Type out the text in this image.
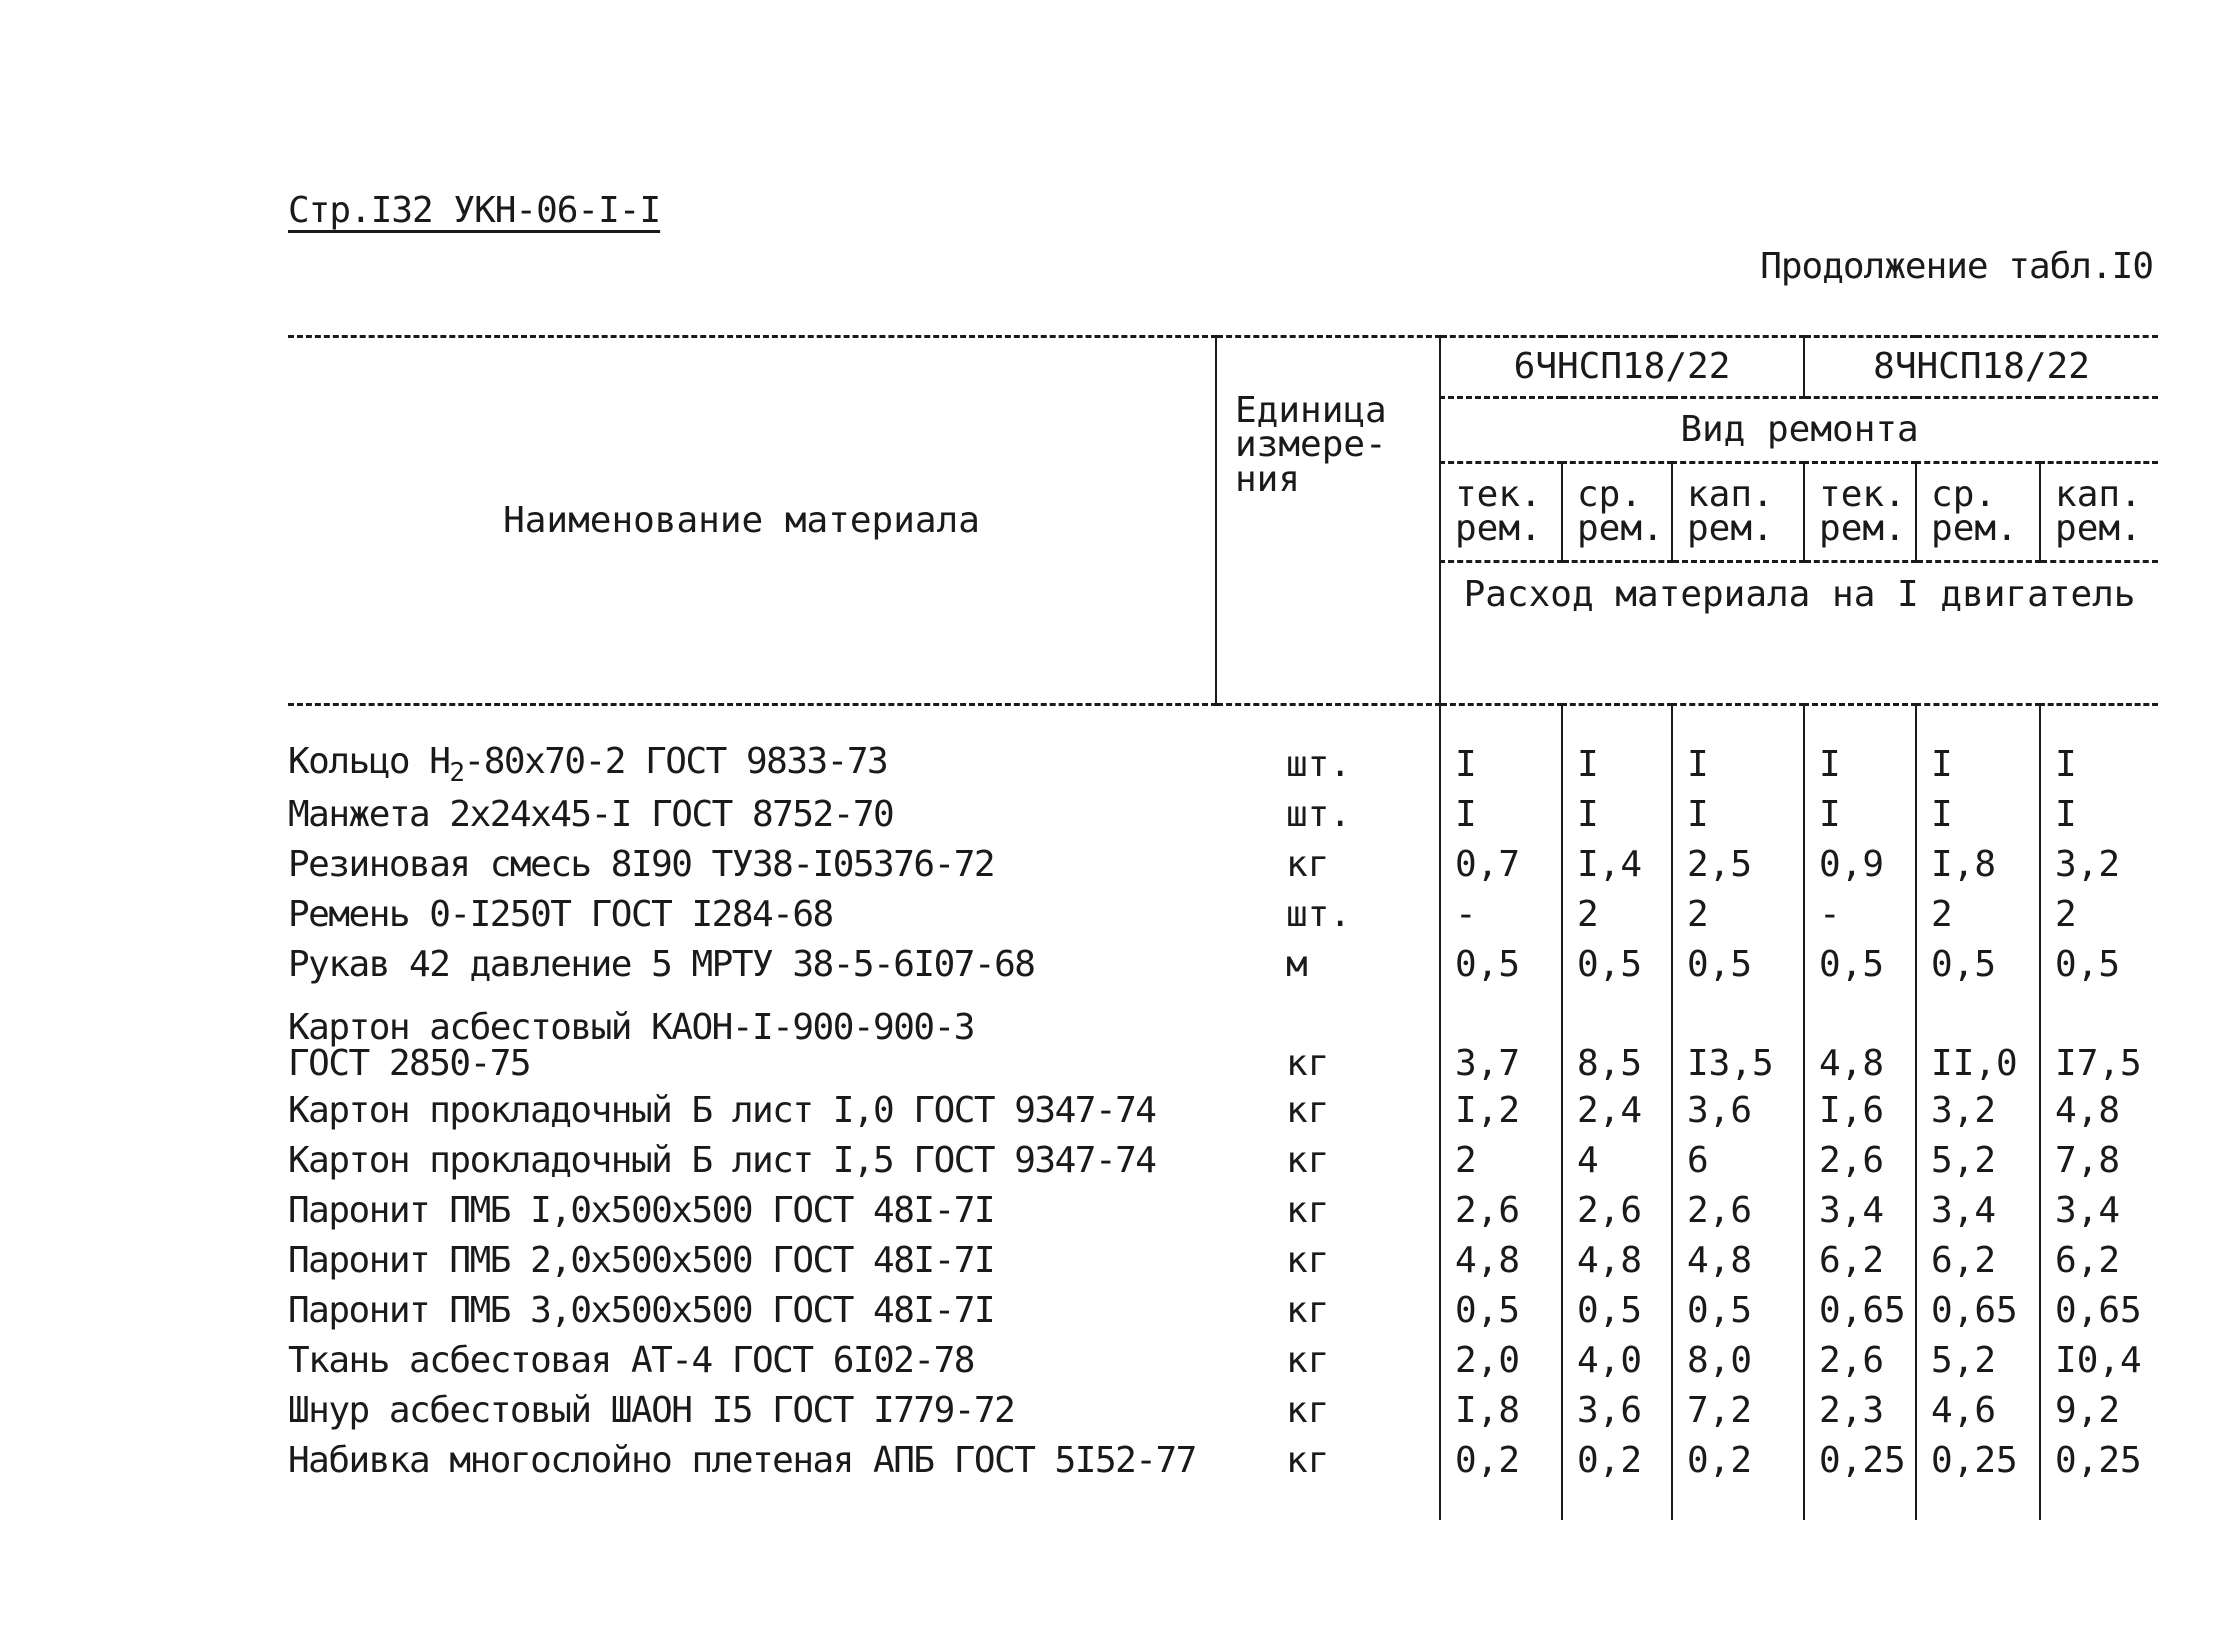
Стр.I32 УКН-06-I-I
Продолжение табл.I0
Наименование материала	Единица измере-ния	6ЧНСП18/22			8ЧНСП18/22		
		Вид ремонта					
		тек. рем.	ср. рем.	кап. рем.	тек. рем.	ср. рем.	кап. рем.
		Расход материала на I двигатель					

Кольцо $Н_2-80х70-2$ ГОСТ 9833-73	шт.	I	I	I	I	I	I
Манжета 2х24х45-I ГОСТ 8752-70	шт.	I	I	I	I	I	I
Резиновая смесь 8I90 ТУ38-I05376-72	кг	0,7	I,4	2,5	0,9	I,8	3,2
Ремень 0-I250Т ГОСТ I284-68	шт.	-	2	2	-	2	2
Рукав 42 давление 5 МРТУ 38-5-6I07-68	м	0,5	0,5	0,5	0,5	0,5	0,5

Картон асбестовый КАОН-I-900-900-3
ГОСТ 2850-75	кг	3,7	8,5	I3,5	4,8	II,0	I7,5
Картон прокладочный Б лист I,0 ГОСТ 9347-74	кг	I,2	2,4	3,6	I,6	3,2	4,8
Картон прокладочный Б лист I,5 ГОСТ 9347-74	кг	2	4	6	2,6	5,2	7,8
Паронит ПМБ I,0х500х500 ГОСТ 48I-7I	кг	2,6	2,6	2,6	3,4	3,4	3,4
Паронит ПМБ 2,0х500х500 ГОСТ 48I-7I	кг	4,8	4,8	4,8	6,2	6,2	6,2
Паронит ПМБ 3,0х500х500 ГОСТ 48I-7I	кг	0,5	0,5	0,5	0,65	0,65	0,65
Ткань асбестовая АТ-4 ГОСТ 6I02-78	кг	2,0	4,0	8,0	2,6	5,2	I0,4
Шнур асбестовый ШАОН I5 ГОСТ I779-72	кг	I,8	3,6	7,2	2,3	4,6	9,2
Набивка многослойно плетеная АПБ ГОСТ 5I52-77	кг	0,2	0,2	0,2	0,25	0,25	0,25
